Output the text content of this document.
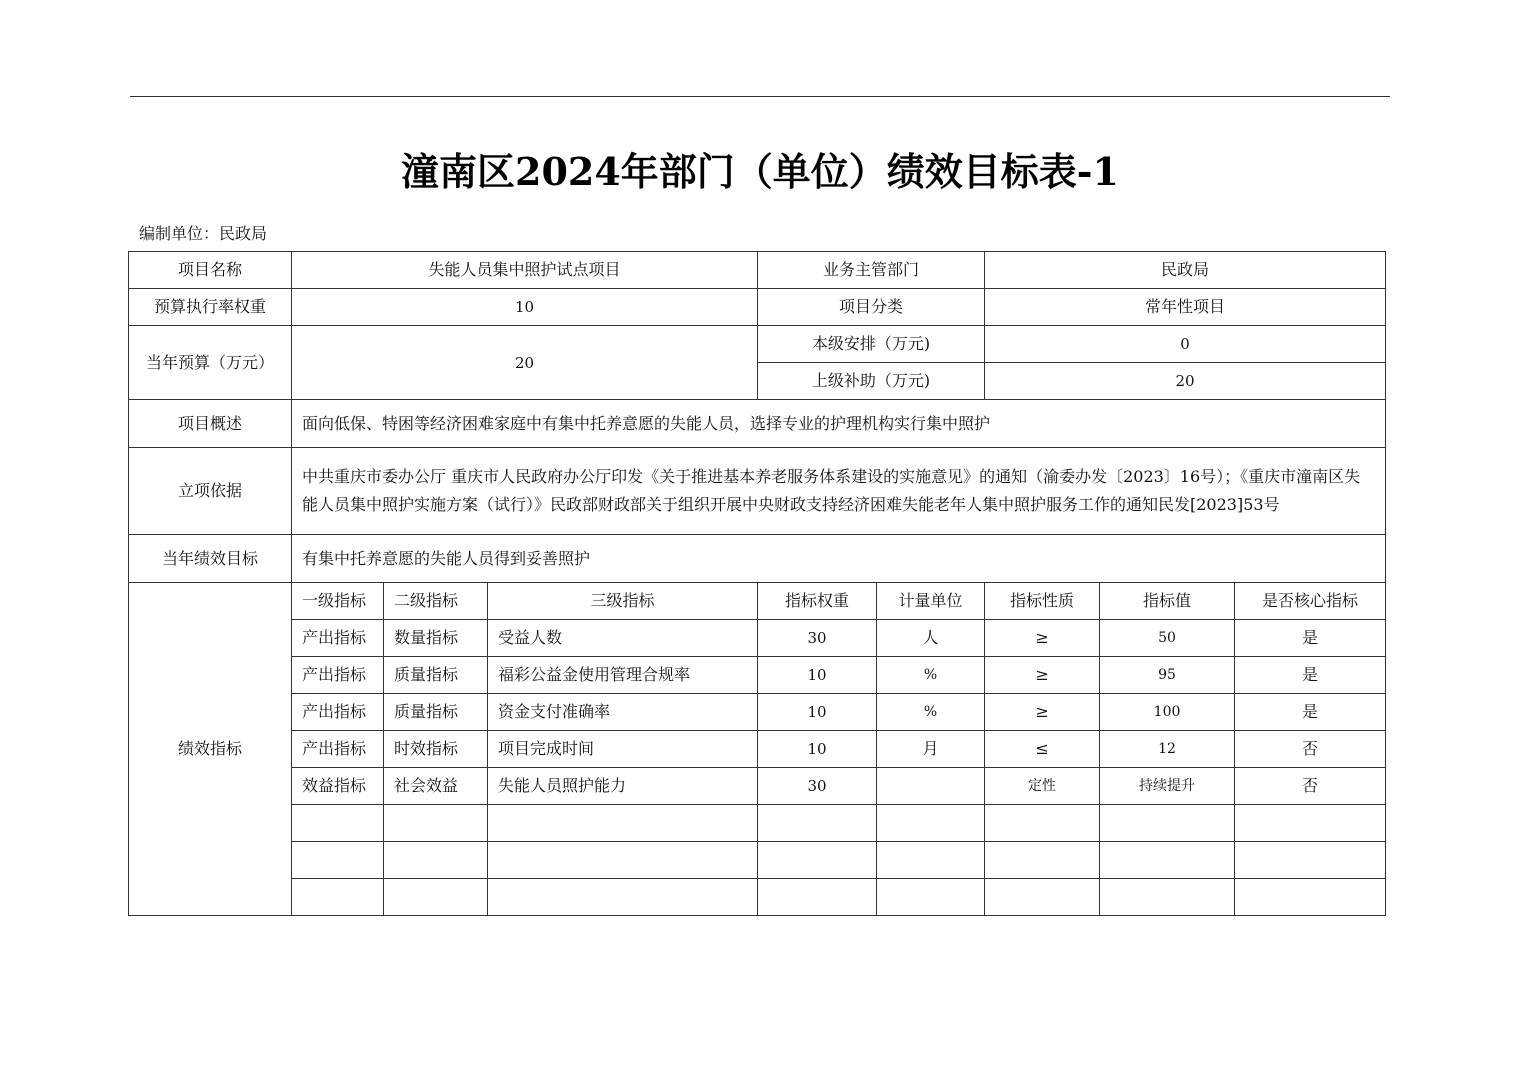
潼南区2024年部门（单位）绩效目标表-1
编制单位：民政局
项目名称	失能人员集中照护试点项目			业务主管部门		民政局		
预算执行率权重	10			项目分类		常年性项目		
当年预算（万元）	20			本级安排（万元)		0		
				上级补助（万元)		20		
项目概述	面向低保、特困等经济困难家庭中有集中托养意愿的失能人员，选择专业的护理机构实行集中照护							
立项依据	中共重庆市委办公厅 重庆市人民政府办公厅印发《关于推进基本养老服务体系建设的实施意见》的通知（渝委办发〔2023〕16号）；《重庆市潼南区失能人员集中照护实施方案（试行）》民政部财政部关于组织开展中央财政支持经济困难失能老年人集中照护服务工作的通知民发[2023]53号							
当年绩效目标	有集中托养意愿的失能人员得到妥善照护							
绩效指标	一级指标	二级指标	三级指标	指标权重	计量单位	指标性质	指标值	是否核心指标
	产出指标	数量指标	受益人数	30	人	≥	50	是
	产出指标	质量指标	福彩公益金使用管理合规率	10	%	≥	95	是
	产出指标	质量指标	资金支付准确率	10	%	≥	100	是
	产出指标	时效指标	项目完成时间	10	月	≤	12	否
	效益指标	社会效益	失能人员照护能力	30		定性	持续提升	否
